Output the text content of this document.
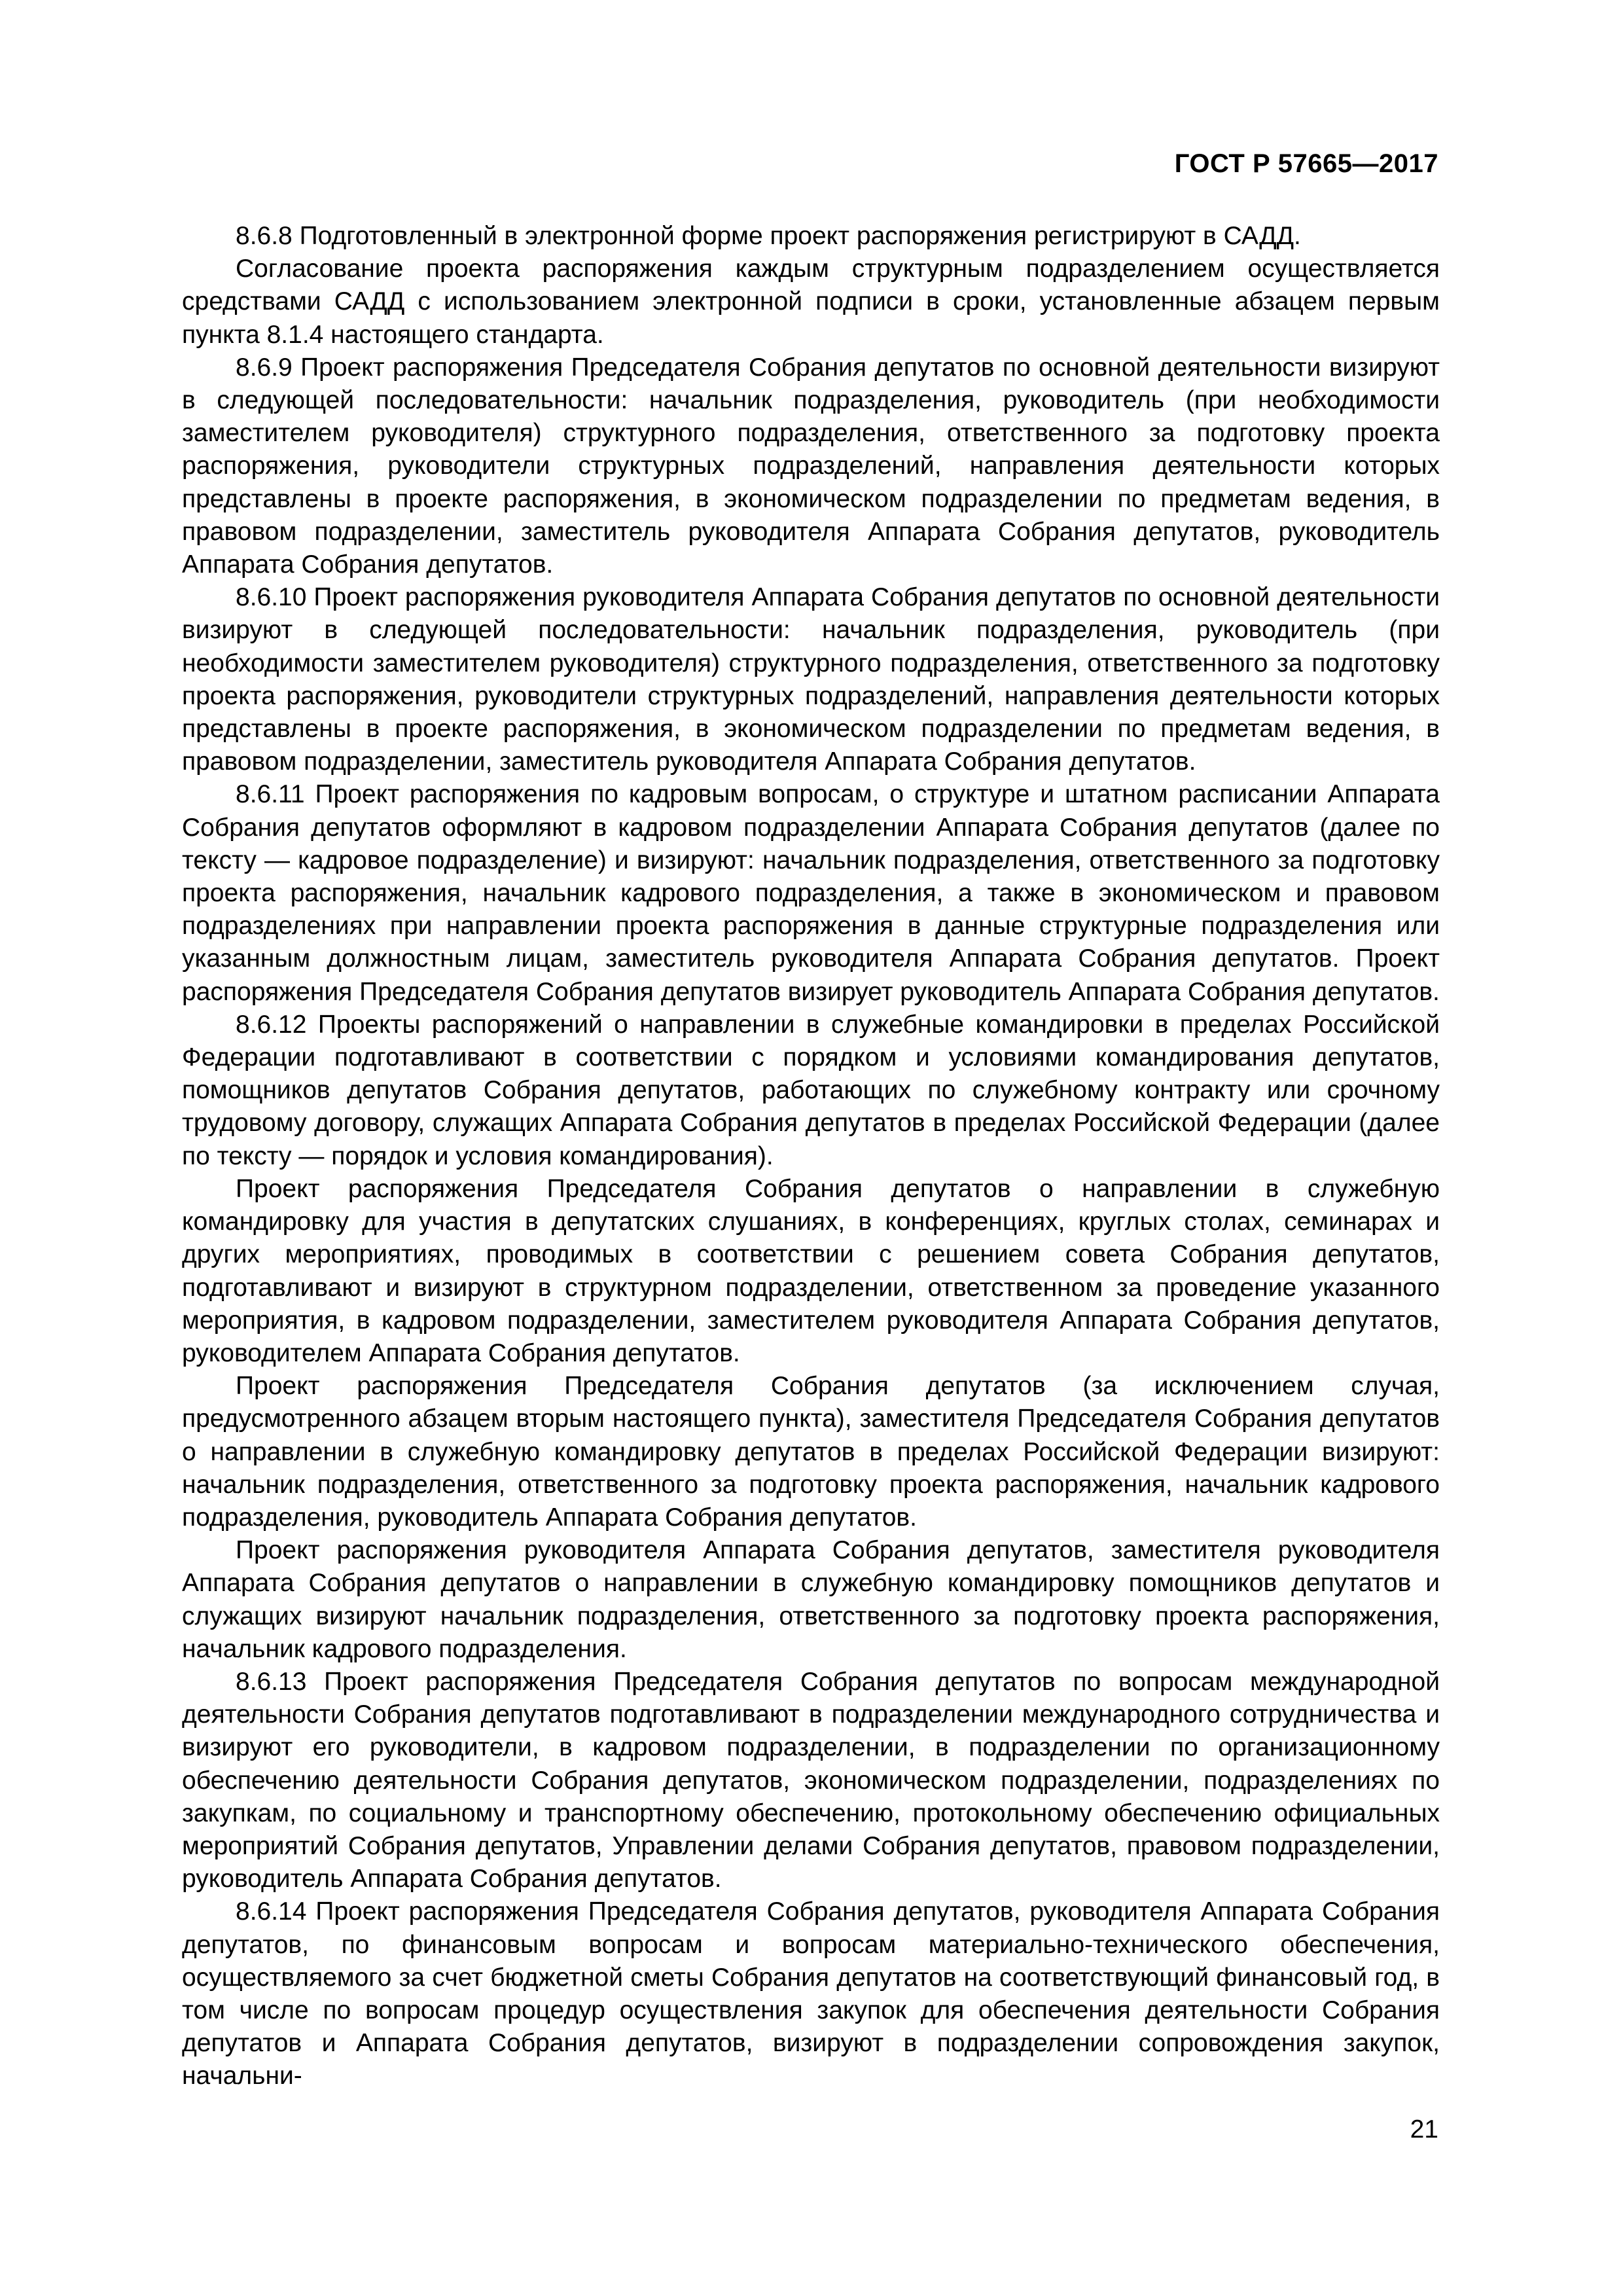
ГОСТ Р 57665—2017

8.6.8 Подготовленный в электронной форме проект распоряжения регистрируют в САДД.

Согласование проекта распоряжения каждым структурным подразделением осуществляется средствами САДД с использованием электронной подписи в сроки, установленные абзацем первым пункта 8.1.4 настоящего стандарта.

8.6.9 Проект распоряжения Председателя Собрания депутатов по основной деятельности визируют в следующей последовательности: начальник подразделения, руководитель (при необходимости заместителем руководителя) структурного подразделения, ответственного за подготовку проекта распоряжения, руководители структурных подразделений, направления деятельности которых представлены в проекте распоряжения, в экономическом подразделении по предметам ведения, в правовом подразделении, заместитель руководителя Аппарата Собрания депутатов, руководитель Аппарата Собрания депутатов.

8.6.10 Проект распоряжения руководителя Аппарата Собрания депутатов по основной деятельности визируют в следующей последовательности: начальник подразделения, руководитель (при необходимости заместителем руководителя) структурного подразделения, ответственного за подготовку проекта распоряжения, руководители структурных подразделений, направления деятельности которых представлены в проекте распоряжения, в экономическом подразделении по предметам ведения, в правовом подразделении, заместитель руководителя Аппарата Собрания депутатов.

8.6.11 Проект распоряжения по кадровым вопросам, о структуре и штатном расписании Аппарата Собрания депутатов оформляют в кадровом подразделении Аппарата Собрания депутатов (далее по тексту — кадровое подразделение) и визируют: начальник подразделения, ответственного за подготовку проекта распоряжения, начальник кадрового подразделения, а также в экономическом и правовом подразделениях при направлении проекта распоряжения в данные структурные подразделения или указанным должностным лицам, заместитель руководителя Аппарата Собрания депутатов. Проект распоряжения Председателя Собрания депутатов визирует руководитель Аппарата Собрания депутатов.

8.6.12 Проекты распоряжений о направлении в служебные командировки в пределах Российской Федерации подготавливают в соответствии с порядком и условиями командирования депутатов, помощников депутатов Собрания депутатов, работающих по служебному контракту или срочному трудовому договору, служащих Аппарата Собрания депутатов в пределах Российской Федерации (далее по тексту — порядок и условия командирования).

Проект распоряжения Председателя Собрания депутатов о направлении в служебную командировку для участия в депутатских слушаниях, в конференциях, круглых столах, семинарах и других мероприятиях, проводимых в соответствии с решением совета Собрания депутатов, подготавливают и визируют в структурном подразделении, ответственном за проведение указанного мероприятия, в кадровом подразделении, заместителем руководителя Аппарата Собрания депутатов, руководителем Аппарата Собрания депутатов.

Проект распоряжения Председателя Собрания депутатов (за исключением случая, предусмотренного абзацем вторым настоящего пункта), заместителя Председателя Собрания депутатов о направлении в служебную командировку депутатов в пределах Российской Федерации визируют: начальник подразделения, ответственного за подготовку проекта распоряжения, начальник кадрового подразделения, руководитель Аппарата Собрания депутатов.

Проект распоряжения руководителя Аппарата Собрания депутатов, заместителя руководителя Аппарата Собрания депутатов о направлении в служебную командировку помощников депутатов и служащих визируют начальник подразделения, ответственного за подготовку проекта распоряжения, начальник кадрового подразделения.

8.6.13 Проект распоряжения Председателя Собрания депутатов по вопросам международной деятельности Собрания депутатов подготавливают в подразделении международного сотрудничества и визируют его руководители, в кадровом подразделении, в подразделении по организационному обеспечению деятельности Собрания депутатов, экономическом подразделении, подразделениях по закупкам, по социальному и транспортному обеспечению, протокольному обеспечению официальных мероприятий Собрания депутатов, Управлении делами Собрания депутатов, правовом подразделении, руководитель Аппарата Собрания депутатов.

8.6.14 Проект распоряжения Председателя Собрания депутатов, руководителя Аппарата Собрания депутатов, по финансовым вопросам и вопросам материально-технического обеспечения, осуществляемого за счет бюджетной сметы Собрания депутатов на соответствующий финансовый год, в том числе по вопросам процедур осуществления закупок для обеспечения деятельности Собрания депутатов и Аппарата Собрания депутатов, визируют в подразделении сопровождения закупок, начальни-

21
